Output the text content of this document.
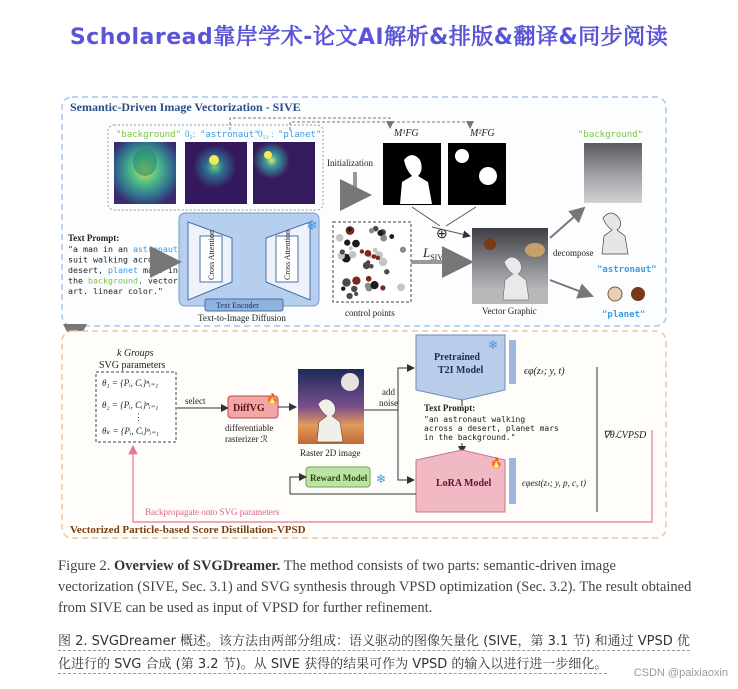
Scholaread靠岸学术-论文AI解析&排版&翻译&同步阅读
Semantic-Driven Image Vectorization - SIVE
"background" 0₅: "astronaut"
0₁₂ : "planet"	M¹FG	M²FG
Initialization
⊕
$L_{SIVE}$
Text Prompt:
"a man in an astronaut
suit walking across a
desert, planet mars in
the background. vector
art. linear color."
Cross Attention	Cross Attention
Text Encoder
❄
Text-to-Image Diffusion	control points	Vector Graphic
decompose
"background"
"astronaut"
"planet"
Vectorized Particle-based Score Distillation-VPSD
k Groups
SVG parameters
θ₁ = {Pᵢ, Cᵢ}ⁿᵢ₌₁
θ₂ = {Pᵢ, Cᵢ}ⁿᵢ₌₁
⋮
θₖ = {Pᵢ, Cᵢ}ⁿᵢ₌₁
select
DiffVG
🔥
differentiable
rasterizer ℛ
Raster 2D image
add
noise
Pretrained
T2I Model
❄
ϵφ(zₜ; y, t)
Text Prompt:
"an astronaut walking
across a desert, planet mars
in the background."	∇θℒVPSD
LoRA Model
🔥
ϵφest(zₜ; y, p, c, t)
Reward Model ❄
Backpropagate onto SVG parameters
Figure 2. Overview of SVGDreamer. The method consists of two parts: semantic-driven image vectorization (SIVE, Sec. 3.1) and SVG synthesis through VPSD optimization (Sec. 3.2). The result obtained from SIVE can be used as input of VPSD for further refinement.
图 2. SVGDreamer 概述。该方法由两部分组成：语义驱动的图像矢量化 (SIVE，第 3.1 节) 和通过 VPSD 优
化进行的 SVG 合成 (第 3.2 节)。从 SIVE 获得的结果可作为 VPSD 的输入以进行进一步细化。
CSDN @paixiaoxin
